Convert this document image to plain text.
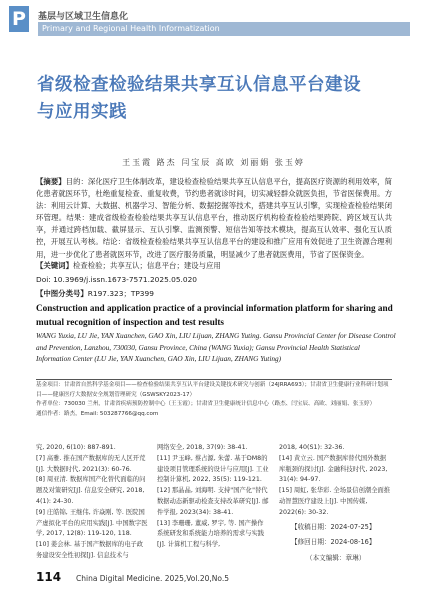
P 基层与区域卫生信息化
Primary and Regional Health Informatization
省级检查检验结果共享互认信息平台建设
与应用实践
王玉霞 路杰 闫宝辰 高欧 刘丽娟 张玉婷
【摘要】目的：深化医疗卫生体制改革，建设检查检验结果共享互认信息平台，提高医疗资源的利用效率，简化患者就医环节，杜绝重复检查、重复收费，节约患者就诊时间，切实减轻群众就医负担，节省医保费用。方法：利用云计算、大数据、机器学习、智能分析、数据挖掘等技术，搭建共享互认引擎，实现检查检验结果闭环管理。结果：建成省级检查检验结果共享互认信息平台，推动医疗机构检查检验结果跨院、跨区域互认共享，并通过跨档加载、截屏显示、互认引擎、监测预警、短信告知等技术模块，提高互认效率、强化互认质控，开展互认考核。结论：省级检查检验结果共享互认信息平台的建设和推广应用有效促进了卫生资源合理利用，进一步优化了患者就医环节，改进了医疗服务质量，明显减少了患者就医费用，节省了医保资金。
【关键词】检查检验；共享互认；信息平台；建设与应用
Doi: 10.3969/j.issn.1673-7571.2025.05.020
【中图分类号】R197.323；TP399
Construction and application practice of a provincial information platform for sharing and mutual recognition of inspection and test results
WANG Yuxia, LU Jie, YAN Xuanchen, GAO Xin, LIU Lijuan, ZHANG Yuting. Gansu Provincial Center for Disease Control and Prevention, Lanzhou, 730030, Gansu Province, China (WANG Yuxia); Gansu Provincial Health Statistical Information Center (LU Jie, YAN Xuanchen, GAO Xin, LIU Lijuan, ZHANG Yuting)
基金项目：甘肃省自然科学基金项目——检查检验结果共享互认平台建设关键技术研究与创新（24JRRA693）；甘肃省卫生健康行业科研计划项目——健康医疗大数据安全规划管理研究（GSWSKY2023-17）
作者单位：730030 兰州，甘肃省疾病预防控制中心（王玉霞）；甘肃省卫生健康统计信息中心（路杰、闫宝辰、高欧、刘丽娟、张玉婷）
通信作者：路杰，Email: 503287766@qq.com

究, 2020, 6(10): 887-891.

[7] 高雅. 推在国产数据库的无人区开荒[J]. 大数据时代, 2021(3): 60-76.

[8] 周亚清. 数据库国产化替代面临的问题及对策研究[J]. 信息安全研究, 2018, 4(1): 24-30.

[9] 庄皓锦, 王继伟, 许焱刚, 等. 医院国产虚拟化平台的应用实践[J]. 中国数字医学, 2017, 12(8): 119-120, 118.

[10] 姜会林. 基于国产数据库的电子政务建设安全性初探[J]. 信息技术与

网络安全, 2018, 37(9): 38-41.

[11] 尹玉峰, 蔡占源, 朱蕾. 基于DM8的建设项目管理系统的设计与应用[J]. 工业控制计算机, 2022, 35(5): 119-121.

[12] 那晶晶, 刘海明. 支持"国产化"替代数据动态新驱动检查支持改革研究[J]. 邮件学报, 2023(34): 38-41.

[13] 李珊珊, 董威, 罗宇, 等. 国产操作系统研发和系统能力培养的需求与实践[J]. 计算机工程与科学,

2018, 40(S1): 32-36.

[14] 黄立云. 国产数据库替代国外数据库瓶颈的探讨[J]. 金融科技时代, 2023, 31(4): 94-97.

[15] 周虹, 张华彩. 全场景信创潮全面推动智慧医疗建设上[J]. 中国传媒, 2022(6): 30-32.

【收稿日期：2024-07-25】
【修回日期：2024-08-16】
（本文编辑：章琳）
114 China Digital Medicine. 2025,Vol.20,No.5
